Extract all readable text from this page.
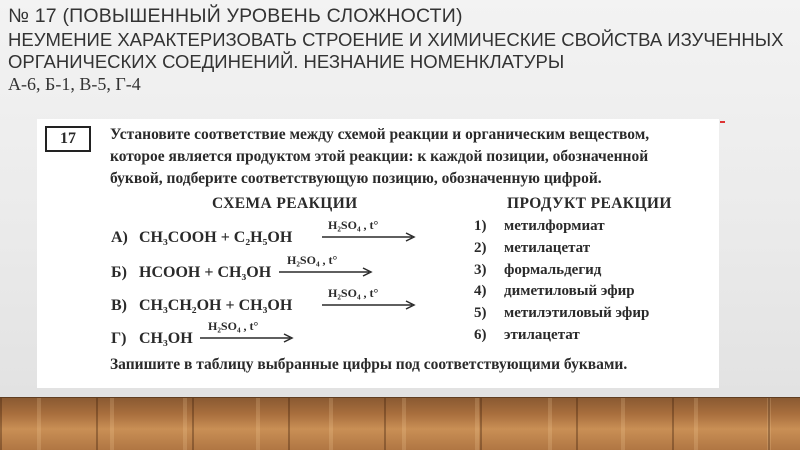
№ 17 (ПОВЫШЕННЫЙ УРОВЕНЬ СЛОЖНОСТИ)

НЕУМЕНИЕ ХАРАКТЕРИЗОВАТЬ СТРОЕНИЕ И ХИМИЧЕСКИЕ СВОЙСТВА ИЗУЧЕННЫХ ОРГАНИЧЕСКИХ СОЕДИНЕНИЙ. НЕЗНАНИЕ НОМЕНКЛАТУРЫ

А-6, Б-1, В-5, Г-4

17	Установите соответствие между схемой реакции и органическим веществом,
которое является продуктом этой реакции: к каждой позиции, обозначенной
буквой, подберите соответствующую позицию, обозначенную цифрой.
СХЕМА РЕАКЦИИ	ПРОДУКТ РЕАКЦИИ
А) CH₃COOH + C₂H₅OH
Б) HCOOH + CH₃OH
В) CH₃CH₂OH + CH₃OH
Г) CH₃OH
H₂SO₄ , t°
H₂SO₄ , t°
H₂SO₄ , t°
H₂SO₄ , t°
1) метилформиат
2) метилацетат
3) формальдегид
4) диметиловый эфир
5) метилэтиловый эфир
6) этилацетат
Запишите в таблицу выбранные цифры под соответствующими буквами.
